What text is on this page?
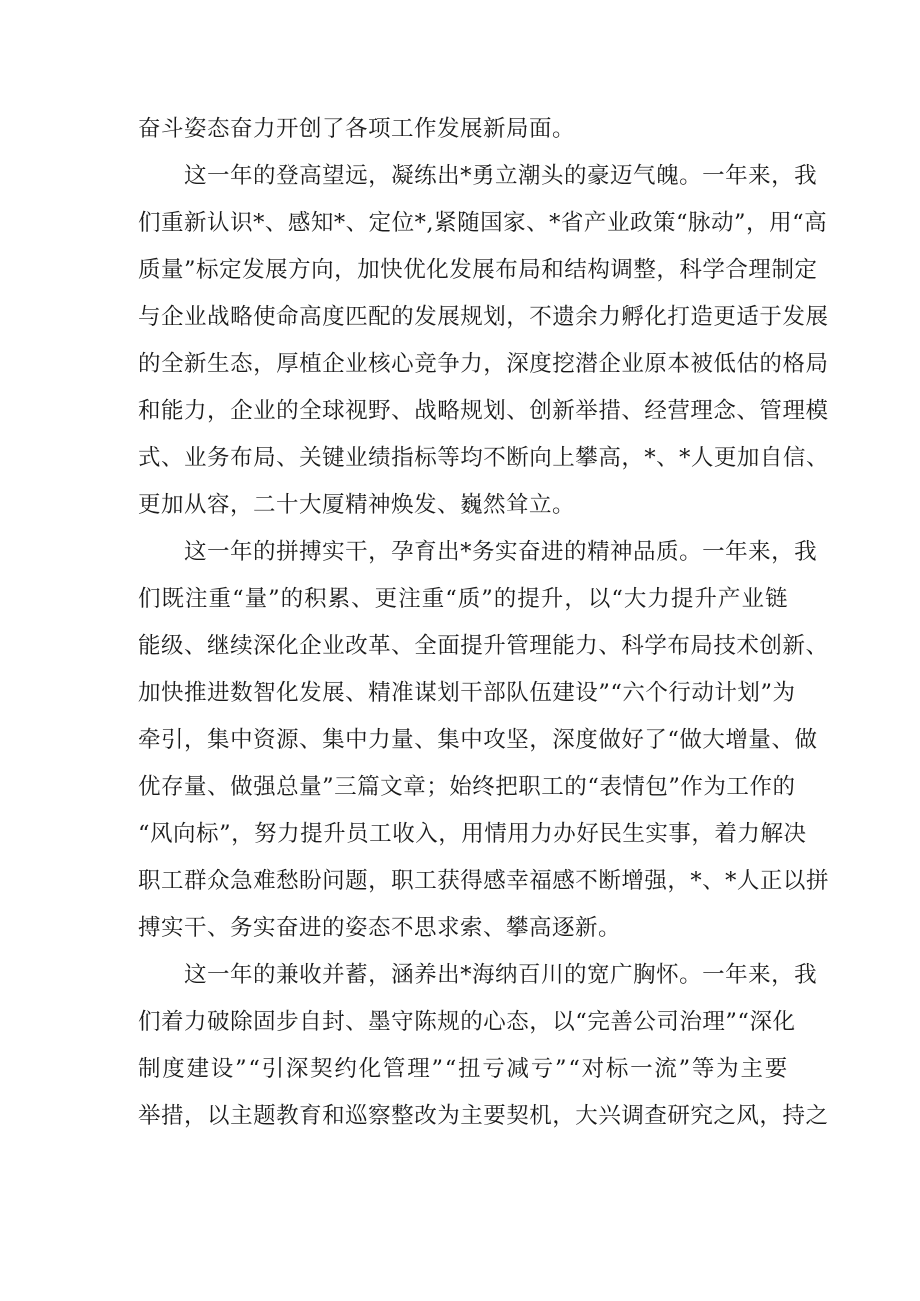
奋斗姿态奋力开创了各项工作发展新局面。
这 一 年 的 登 高 望 远 ， 凝 练 出 * 勇 立 潮 头 的 豪 迈 气 魄 。 一 年 来 ， 我
们 重 新 认 识 * 、 感 知 * 、 定 位 * , 紧 随 国 家 、 * 省 产 业 政 策 “ 脉 动 ” ， 用 “ 高
质 量 ” 标 定 发 展 方 向 ， 加 快 优 化 发 展 布 局 和 结 构 调 整 ， 科 学 合 理 制 定
与 企 业 战 略 使 命 高 度 匹 配 的 发 展 规 划 ， 不 遗 余 力 孵 化 打 造 更 适 于 发 展
的 全 新 生 态 ， 厚 植 企 业 核 心 竞 争 力 ， 深 度 挖 潜 企 业 原 本 被 低 估 的 格 局
和 能 力 ， 企 业 的 全 球 视 野 、 战 略 规 划 、 创 新 举 措 、 经 营 理 念 、 管 理 模
式 、 业 务 布 局 、 关 键 业 绩 指 标 等 均 不 断 向 上 攀 高 ， * 、 * 人 更 加 自 信 、
更加从容，二十大厦精神焕发、巍然耸立。
这 一 年 的 拼 搏 实 干 ， 孕 育 出 * 务 实 奋 进 的 精 神 品 质 。 一 年 来 ， 我
们 既 注 重 “ 量 ” 的 积 累 、 更 注 重 “ 质 ” 的 提 升 ， 以 “ 大 力 提 升 产 业 链
能 级 、 继 续 深 化 企 业 改 革 、 全 面 提 升 管 理 能 力 、 科 学 布 局 技 术 创 新 、
加 快 推 进 数 智 化 发 展 、 精 准 谋 划 干 部 队 伍 建 设 ” “ 六 个 行 动 计 划 ” 为
牵 引 ， 集 中 资 源 、 集 中 力 量 、 集 中 攻 坚 ， 深 度 做 好 了 “ 做 大 增 量 、 做
优 存 量 、 做 强 总 量 ” 三 篇 文 章 ； 始 终 把 职 工 的 “ 表 情 包 ” 作 为 工 作 的
“ 风 向 标 ” ， 努 力 提 升 员 工 收 入 ， 用 情 用 力 办 好 民 生 实 事 ， 着 力 解 决
职 工 群 众 急 难 愁 盼 问 题 ， 职 工 获 得 感 幸 福 感 不 断 增 强 ， * 、 * 人 正 以 拼
搏实干、务实奋进的姿态不思求索、攀高逐新。
这 一 年 的 兼 收 并 蓄 ， 涵 养 出 * 海 纳 百 川 的 宽 广 胸 怀 。 一 年 来 ， 我
们 着 力 破 除 固 步 自 封 、 墨 守 陈 规 的 心 态 ， 以 “ 完 善 公 司 治 理 ” “ 深 化
制 度 建 设 ” “ 引 深 契 约 化 管 理 ” “ 扭 亏 减 亏 ” “ 对 标 一 流 ” 等 为 主 要
举 措 ， 以 主 题 教 育 和 巡 察 整 改 为 主 要 契 机 ， 大 兴 调 查 研 究 之 风 ， 持 之
